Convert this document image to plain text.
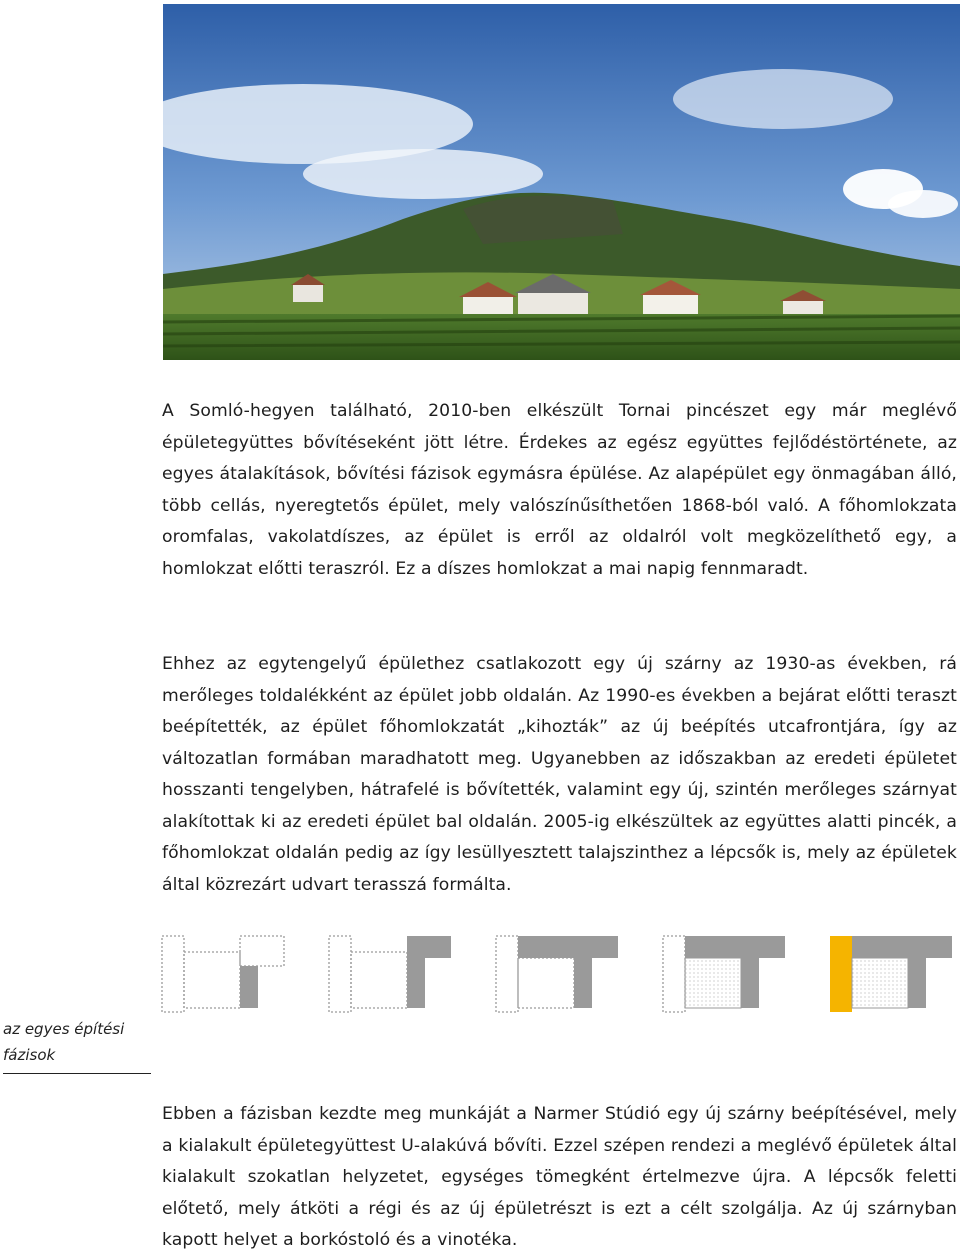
A Somló-hegyen található, 2010-ben elkészült Tornai pincészet egy már meglévő épületegyüttes bővítéseként jött létre. Érdekes az egész együttes fejlődéstörténete, az egyes átalakítások, bővítési fázisok egymásra épülése. Az alapépület egy önmagában álló, több cellás, nyeregtetős épület, mely valószínűsíthetően 1868-ból való. A főhomlokzata oromfalas, vakolatdíszes, az épület is erről az oldalról volt megközelíthető egy, a homlokzat előtti teraszról. Ez a díszes homlokzat a mai napig fennmaradt.

Ehhez az egytengelyű épülethez csatlakozott egy új szárny az 1930-as években, rá merőleges toldalékként az épület jobb oldalán. Az 1990-es években a bejárat előtti teraszt beépítették, az épület főhomlokzatát „kihozták” az új beépítés utcafrontjára, így az változatlan formában maradhatott meg. Ugyanebben az időszakban az eredeti épületet hosszanti tengelyben, hátrafelé is bővítették, valamint egy új, szintén merőleges szárnyat alakítottak ki az eredeti épület bal oldalán. 2005-ig elkészültek az együttes alatti pincék, a főhomlokzat oldalán pedig az így lesüllyesztett talajszinthez a lépcsők is, mely az épületek által közrezárt udvart terasszá formálta.

az egyes építési fázisok

Ebben a fázisban kezdte meg munkáját a Narmer Stúdió egy új szárny beépítésével, mely a kialakult épületegyüttest U-alakúvá bővíti. Ezzel szépen rendezi a meglévő épületek által kialakult szokatlan helyzetet, egységes tömegként értelmezve újra. A lépcsők feletti előtető, mely átköti a régi és az új épületrészt is ezt a célt szolgálja. Az új szárnyban kapott helyet a borkóstoló és a vinotéka.
